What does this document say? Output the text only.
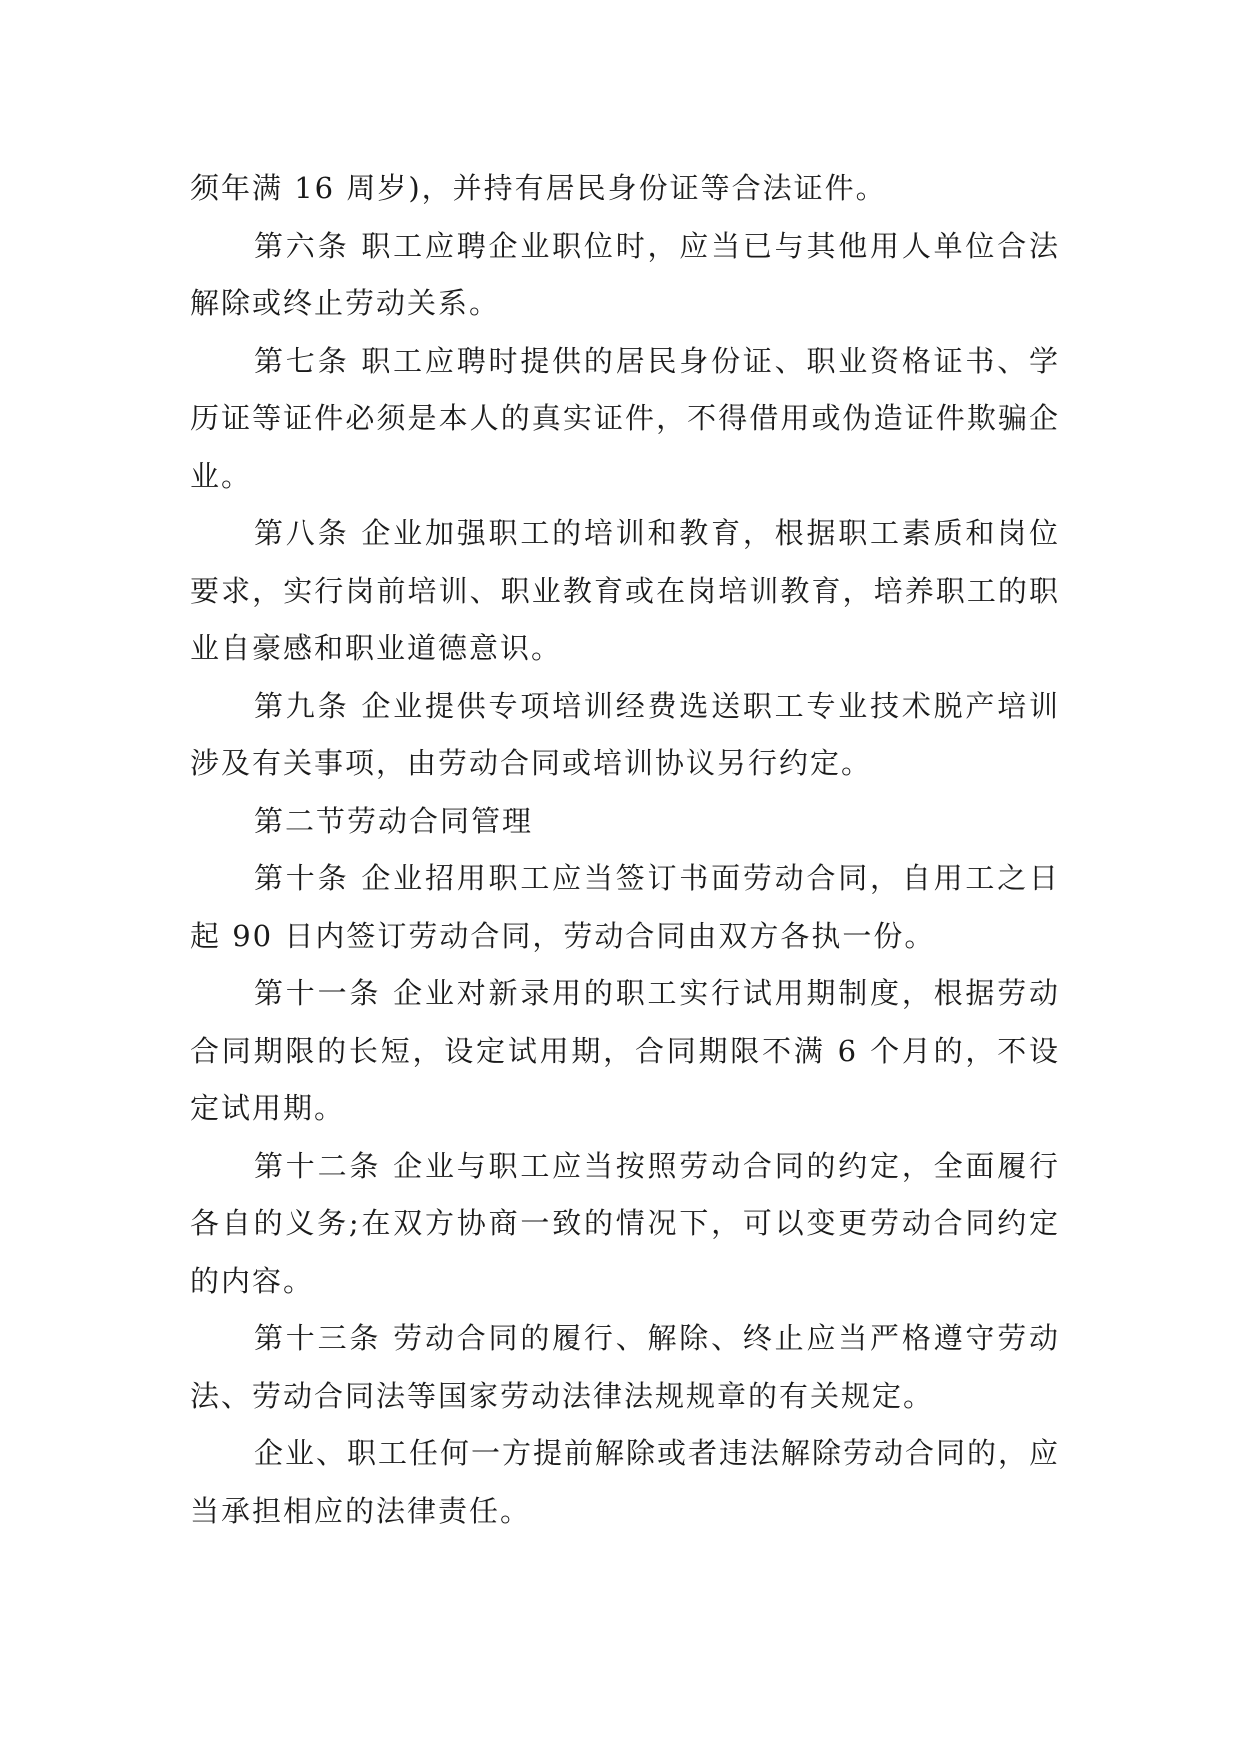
须年满 16 周岁)，并持有居民身份证等合法证件。

第六条 职工应聘企业职位时，应当已与其他用人单位合法解除或终止劳动关系。

第七条 职工应聘时提供的居民身份证、职业资格证书、学历证等证件必须是本人的真实证件，不得借用或伪造证件欺骗企业。

第八条 企业加强职工的培训和教育，根据职工素质和岗位要求，实行岗前培训、职业教育或在岗培训教育，培养职工的职业自豪感和职业道德意识。

第九条 企业提供专项培训经费选送职工专业技术脱产培训涉及有关事项，由劳动合同或培训协议另行约定。

第二节劳动合同管理

第十条 企业招用职工应当签订书面劳动合同，自用工之日起 90 日内签订劳动合同，劳动合同由双方各执一份。

第十一条 企业对新录用的职工实行试用期制度，根据劳动合同期限的长短，设定试用期，合同期限不满 6 个月的，不设定试用期。

第十二条 企业与职工应当按照劳动合同的约定，全面履行各自的义务;在双方协商一致的情况下，可以变更劳动合同约定的内容。

第十三条 劳动合同的履行、解除、终止应当严格遵守劳动法、劳动合同法等国家劳动法律法规规章的有关规定。

企业、职工任何一方提前解除或者违法解除劳动合同的，应当承担相应的法律责任。
